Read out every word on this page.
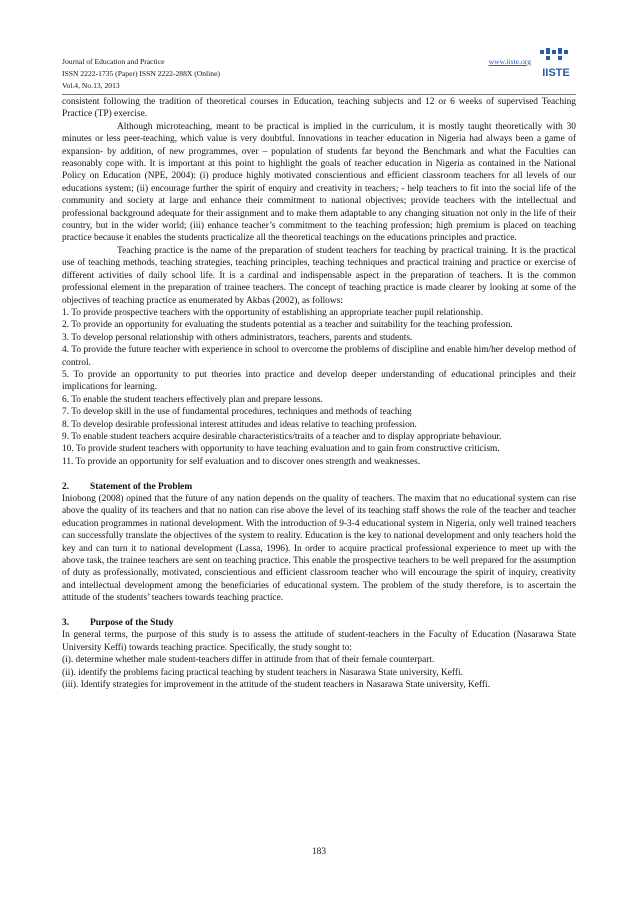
Journal of Education and Practice
ISSN 2222-1735 (Paper) ISSN 2222-288X (Online)
Vol.4, No.13, 2013
www.iiste.org
IISTE

consistent following the tradition of theoretical courses in Education, teaching subjects and 12 or 6 weeks of supervised Teaching Practice (TP) exercise.

Although microteaching, meant to be practical is implied in the curriculum, it is mostly taught theoretically with 30 minutes or less peer-teaching, which value is very doubtful. Innovations in teacher education in Nigeria had always been a game of expansion- by addition, of new programmes, over – population of students far beyond the Benchmark and what the Faculties can reasonably cope with. It is important at this point to highlight the goals of teacher education in Nigeria as contained in the National Policy on Education (NPE, 2004): (i) produce highly motivated conscientious and efficient classroom teachers for all levels of our educations system; (ii) encourage further the spirit of enquiry and creativity in teachers; - help teachers to fit into the social life of the community and society at large and enhance their commitment to national objectives; provide teachers with the intellectual and professional background adequate for their assignment and to make them adaptable to any changing situation not only in the life of their country, but in the wider world; (iii) enhance teacher’s commitment to the teaching profession; high premium is placed on teaching practice because it enables the students practicalize all the theoretical teachings on the educations principles and practice.

Teaching practice is the name of the preparation of student teachers for teaching by practical training. It is the practical use of teaching methods, teaching strategies, teaching principles, teaching techniques and practical training and practice or exercise of different activities of daily school life. It is a cardinal and indispensable aspect in the preparation of teachers. It is the common professional element in the preparation of trainee teachers. The concept of teaching practice is made clearer by looking at some of the objectives of teaching practice as enumerated by Akbas (2002), as follows:

1. To provide prospective teachers with the opportunity of establishing an appropriate teacher pupil relationship.
2. To provide an opportunity for evaluating the students potential as a teacher and suitability for the teaching profession.
3. To develop personal relationship with others administrators, teachers, parents and students.
4. To provide the future teacher with experience in school to overcome the problems of discipline and enable him/her develop method of control.
5. To provide an opportunity to put theories into practice and develop deeper understanding of educational principles and their implications for learning.
6. To enable the student teachers effectively plan and prepare lessons.
7. To develop skill in the use of fundamental procedures, techniques and methods of teaching
8. To develop desirable professional interest attitudes and ideas relative to teaching profession.
9. To enable student teachers acquire desirable characteristics/traits of a teacher and to display appropriate behaviour.
10. To provide student teachers with opportunity to have teaching evaluation and to gain from constructive criticism.
11. To provide an opportunity for self evaluation and to discover ones strength and weaknesses.
2. Statement of the Problem

Iniobong (2008) opined that the future of any nation depends on the quality of teachers. The maxim that no educational system can rise above the quality of its teachers and that no nation can rise above the level of its teaching staff shows the role of the teacher and teacher education programmes in national development. With the introduction of 9-3-4 educational system in Nigeria, only well trained teachers can successfully translate the objectives of the system to reality. Education is the key to national development and only teachers hold the key and can turn it to national development (Lassa, 1996). In order to acquire practical professional experience to meet up with the above task, the trainee teachers are sent on teaching practice. This enable the prospective teachers to be well prepared for the assumption of duty as professionally, motivated, conscientious and efficient classroom teacher who will encourage the spirit of inquiry, creativity and intellectual development among the beneficiaries of educational system. The problem of the study therefore, is to ascertain the attitude of the students’ teachers towards teaching practice.

3. Purpose of the Study

In general terms, the purpose of this study is to assess the attitude of student-teachers in the Faculty of Education (Nasarawa State University Keffi) towards teaching practice. Specifically, the study sought to:

(i). determine whether male student-teachers differ in attitude from that of their female counterpart.

(ii). identify the problems facing practical teaching by student teachers in Nasarawa State university, Keffi.

(iii). Identify strategies for improvement in the attitude of the student teachers in Nasarawa State university, Keffi.

183
